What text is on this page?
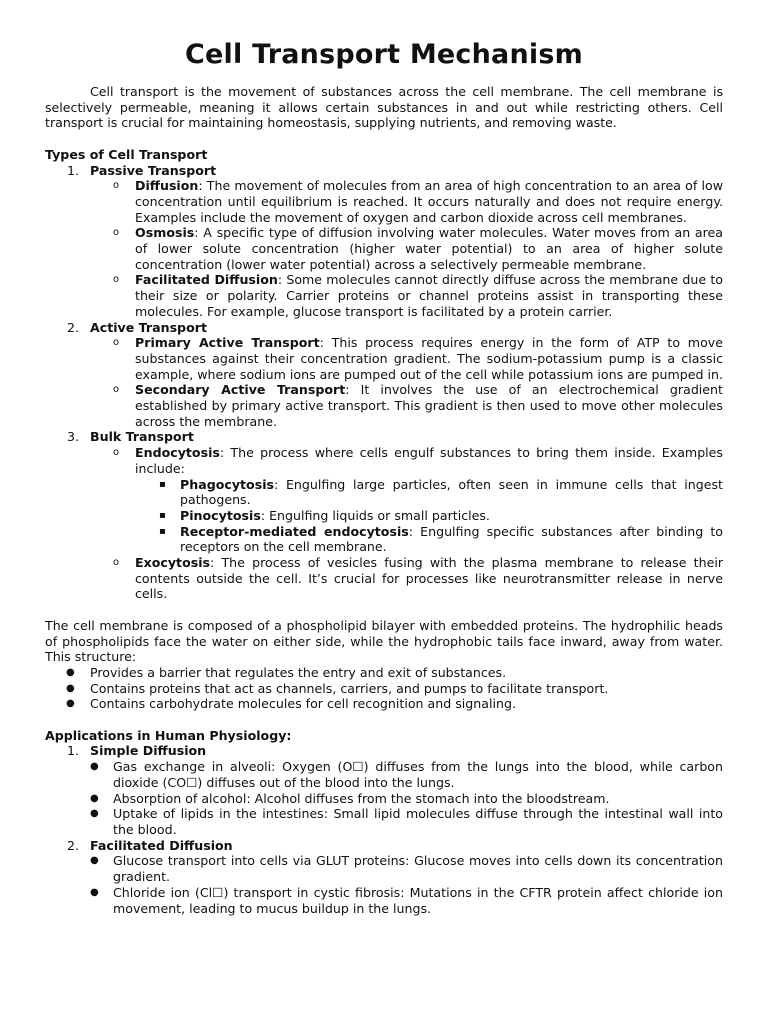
Cell Transport Mechanism

Cell transport is the movement of substances across the cell membrane. The cell membrane is selectively permeable, meaning it allows certain substances in and out while restricting others. Cell transport is crucial for maintaining homeostasis, supplying nutrients, and removing waste.

Types of Cell Transport
1. Passive Transport
o Diffusion: The movement of molecules from an area of high concentration to an area of low concentration until equilibrium is reached. It occurs naturally and does not require energy. Examples include the movement of oxygen and carbon dioxide across cell membranes.
o Osmosis: A specific type of diffusion involving water molecules. Water moves from an area of lower solute concentration (higher water potential) to an area of higher solute concentration (lower water potential) across a selectively permeable membrane.
o Facilitated Diffusion: Some molecules cannot directly diffuse across the membrane due to their size or polarity. Carrier proteins or channel proteins assist in transporting these molecules. For example, glucose transport is facilitated by a protein carrier.
2. Active Transport
o Primary Active Transport: This process requires energy in the form of ATP to move substances against their concentration gradient. The sodium-potassium pump is a classic example, where sodium ions are pumped out of the cell while potassium ions are pumped in.
o Secondary Active Transport: It involves the use of an electrochemical gradient established by primary active transport. This gradient is then used to move other molecules across the membrane.
3. Bulk Transport
o Endocytosis: The process where cells engulf substances to bring them inside. Examples include:
▪ Phagocytosis: Engulfing large particles, often seen in immune cells that ingest pathogens.
▪ Pinocytosis: Engulfing liquids or small particles.
▪ Receptor-mediated endocytosis: Engulfing specific substances after binding to receptors on the cell membrane.
o Exocytosis: The process of vesicles fusing with the plasma membrane to release their contents outside the cell. It’s crucial for processes like neurotransmitter release in nerve cells.

The cell membrane is composed of a phospholipid bilayer with embedded proteins. The hydrophilic heads of phospholipids face the water on either side, while the hydrophobic tails face inward, away from water. This structure:

● Provides a barrier that regulates the entry and exit of substances.
● Contains proteins that act as channels, carriers, and pumps to facilitate transport.
● Contains carbohydrate molecules for cell recognition and signaling.
Applications in Human Physiology:
1. Simple Diffusion
● Gas exchange in alveoli: Oxygen (O☐) diffuses from the lungs into the blood, while carbon dioxide (CO☐) diffuses out of the blood into the lungs.
● Absorption of alcohol: Alcohol diffuses from the stomach into the bloodstream.
● Uptake of lipids in the intestines: Small lipid molecules diffuse through the intestinal wall into the blood.
2. Facilitated Diffusion
● Glucose transport into cells via GLUT proteins: Glucose moves into cells down its concentration gradient.
● Chloride ion (Cl☐) transport in cystic fibrosis: Mutations in the CFTR protein affect chloride ion movement, leading to mucus buildup in the lungs.
